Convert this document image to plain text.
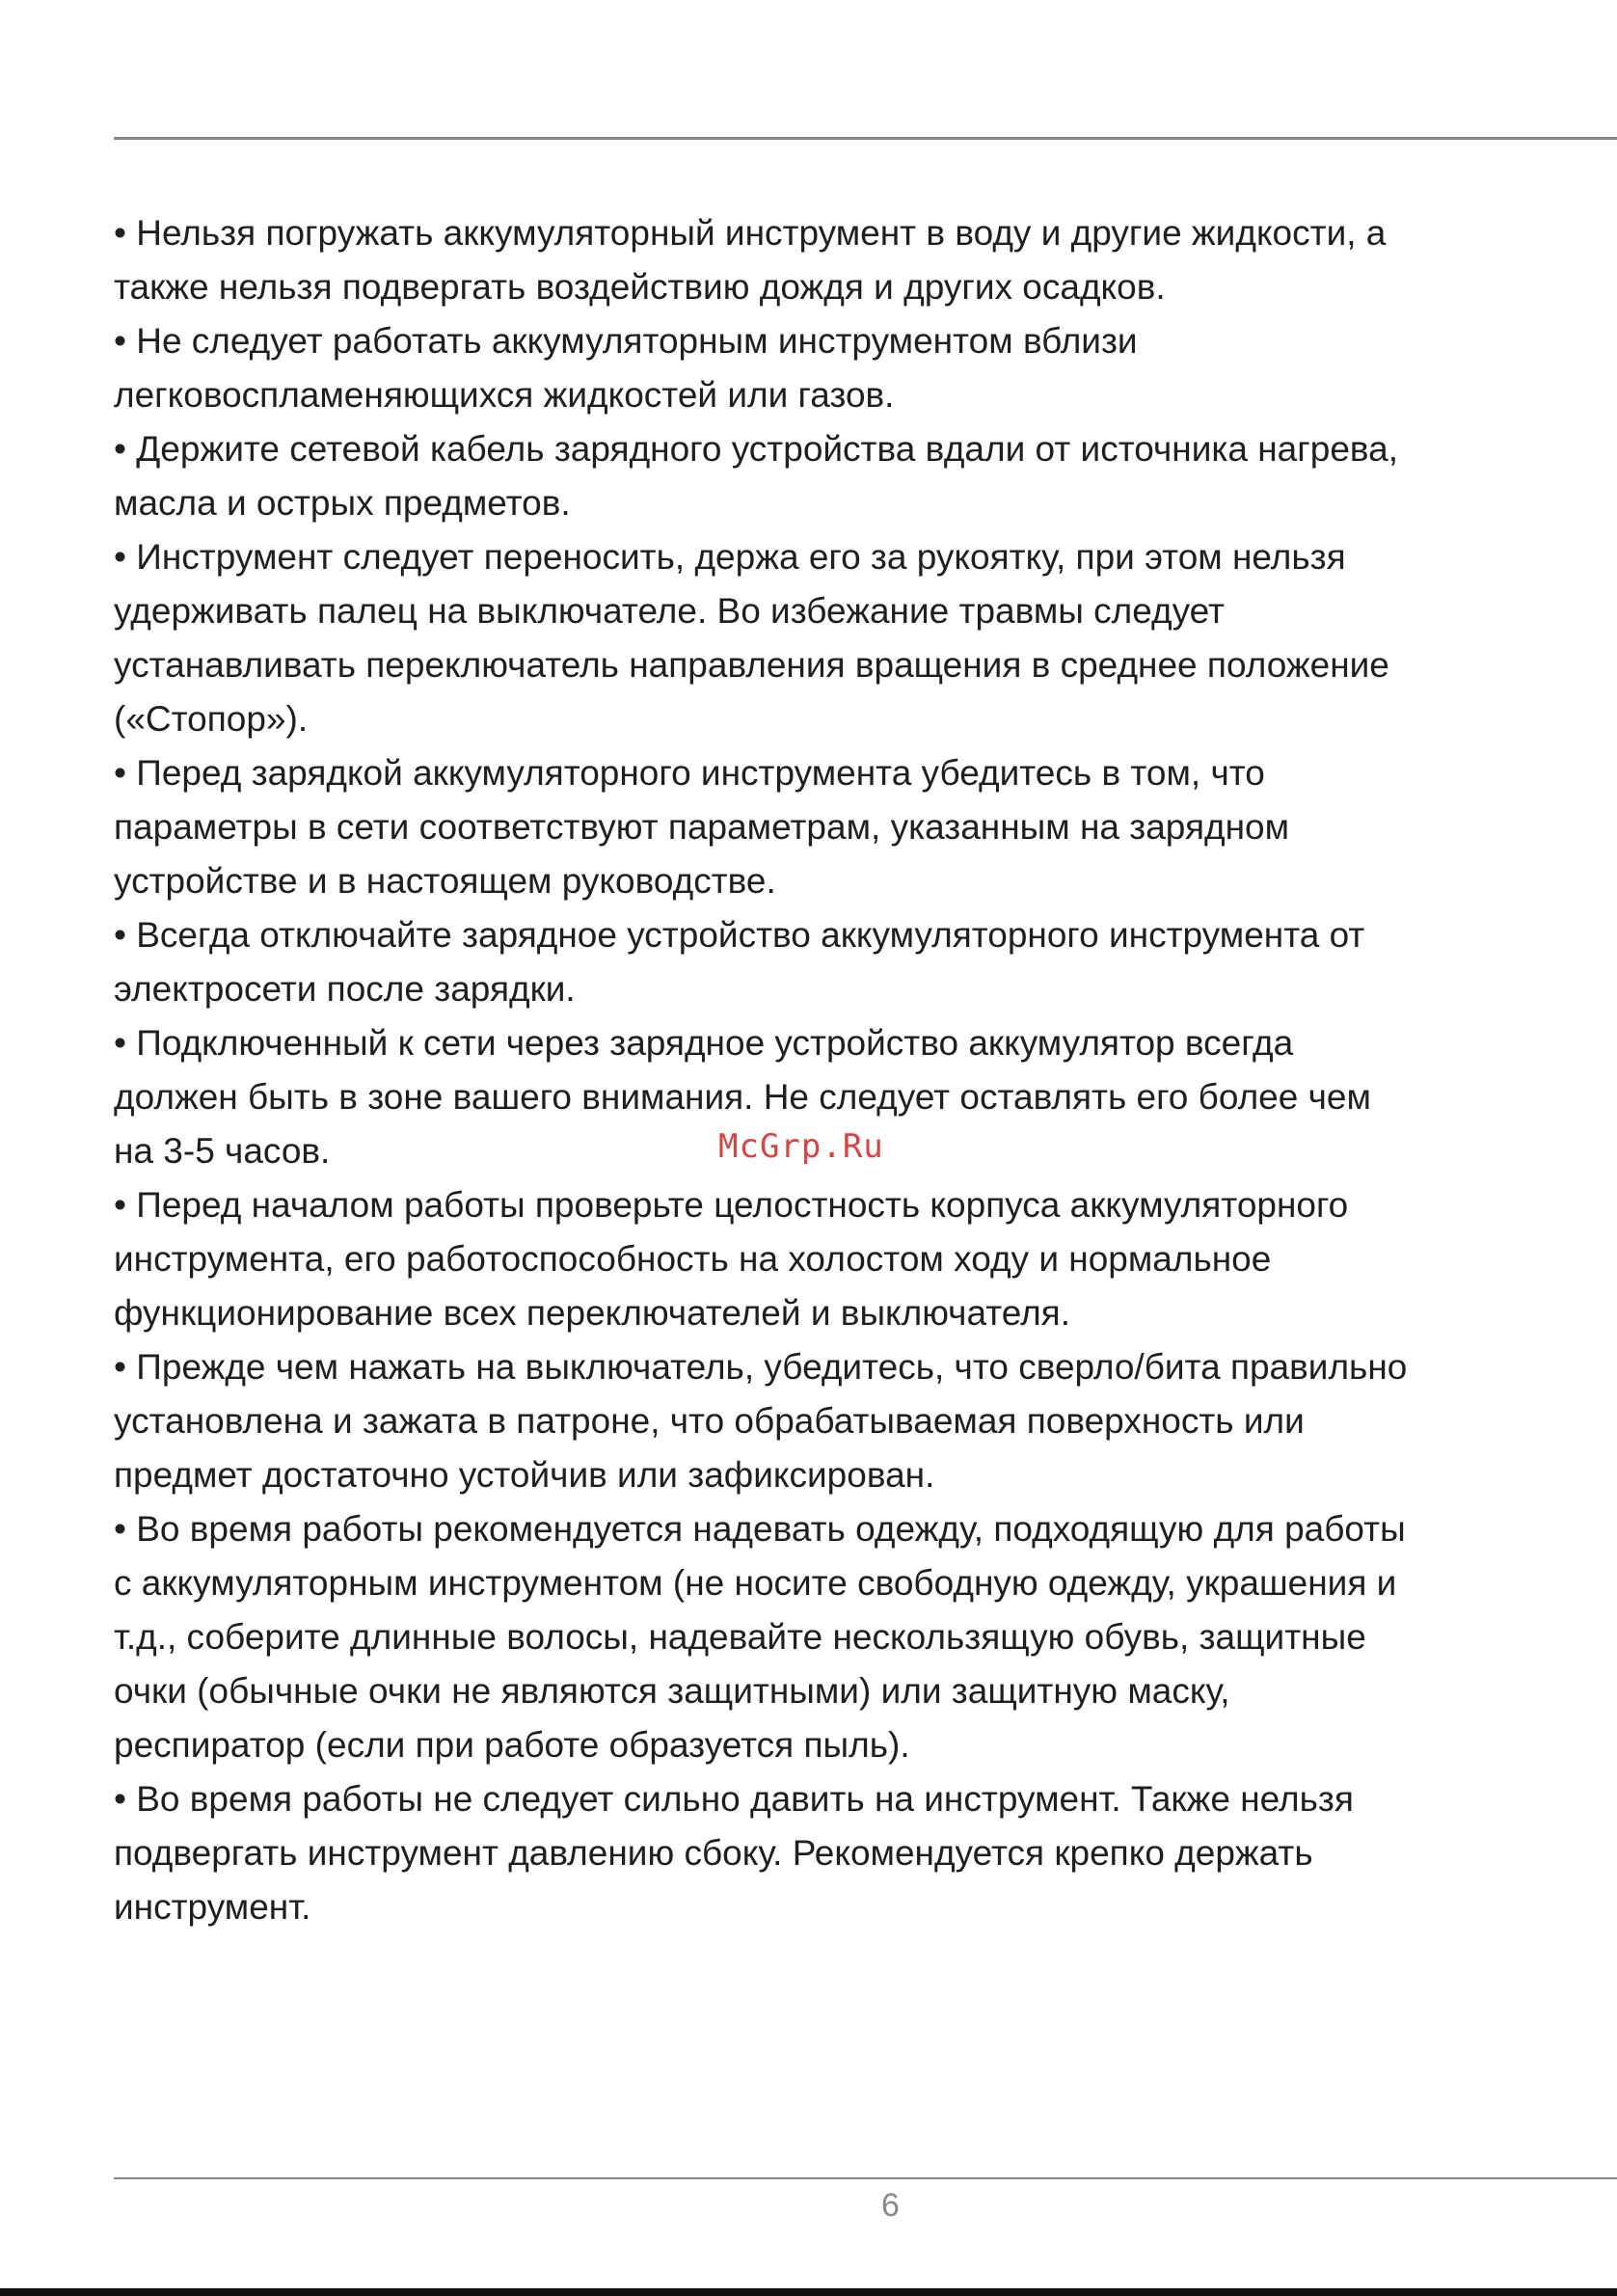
• Нельзя погружать аккумуляторный инструмент в воду и другие жидкости, а
также нельзя подвергать воздействию дождя и других осадков.

• Не следует работать аккумуляторным инструментом вблизи
легковоспламеняющихся жидкостей или газов.

• Держите сетевой кабель зарядного устройства вдали от источника нагрева,
масла и острых предметов.

• Инструмент следует переносить, держа его за рукоятку, при этом нельзя
удерживать палец на выключателе. Во избежание травмы следует
устанавливать переключатель направления вращения в среднее положение
(«Стопор»).

• Перед зарядкой аккумуляторного инструмента убедитесь в том, что
параметры в сети соответствуют параметрам, указанным на зарядном
устройстве и в настоящем руководстве.

• Всегда отключайте зарядное устройство аккумуляторного инструмента от
электросети после зарядки.

• Подключенный к сети через зарядное устройство аккумулятор всегда
должен быть в зоне вашего внимания. Не следует оставлять его более чем
на 3-5 часов.

• Перед началом работы проверьте целостность корпуса аккумуляторного
инструмента, его работоспособность на холостом ходу и нормальное
функционирование всех переключателей и выключателя.

• Прежде чем нажать на выключатель, убедитесь, что сверло/бита правильно
установлена и зажата в патроне, что обрабатываемая поверхность или
предмет достаточно устойчив или зафиксирован.

• Во время работы рекомендуется надевать одежду, подходящую для работы
с аккумуляторным инструментом (не носите свободную одежду, украшения и
т.д., соберите длинные волосы, надевайте нескользящую обувь, защитные
очки (обычные очки не являются защитными) или защитную маску,
респиратор (если при работе образуется пыль).

• Во время работы не следует сильно давить на инструмент. Также нельзя
подвергать инструмент давлению сбоку. Рекомендуется крепко держать
инструмент.

McGrp.Ru
6
